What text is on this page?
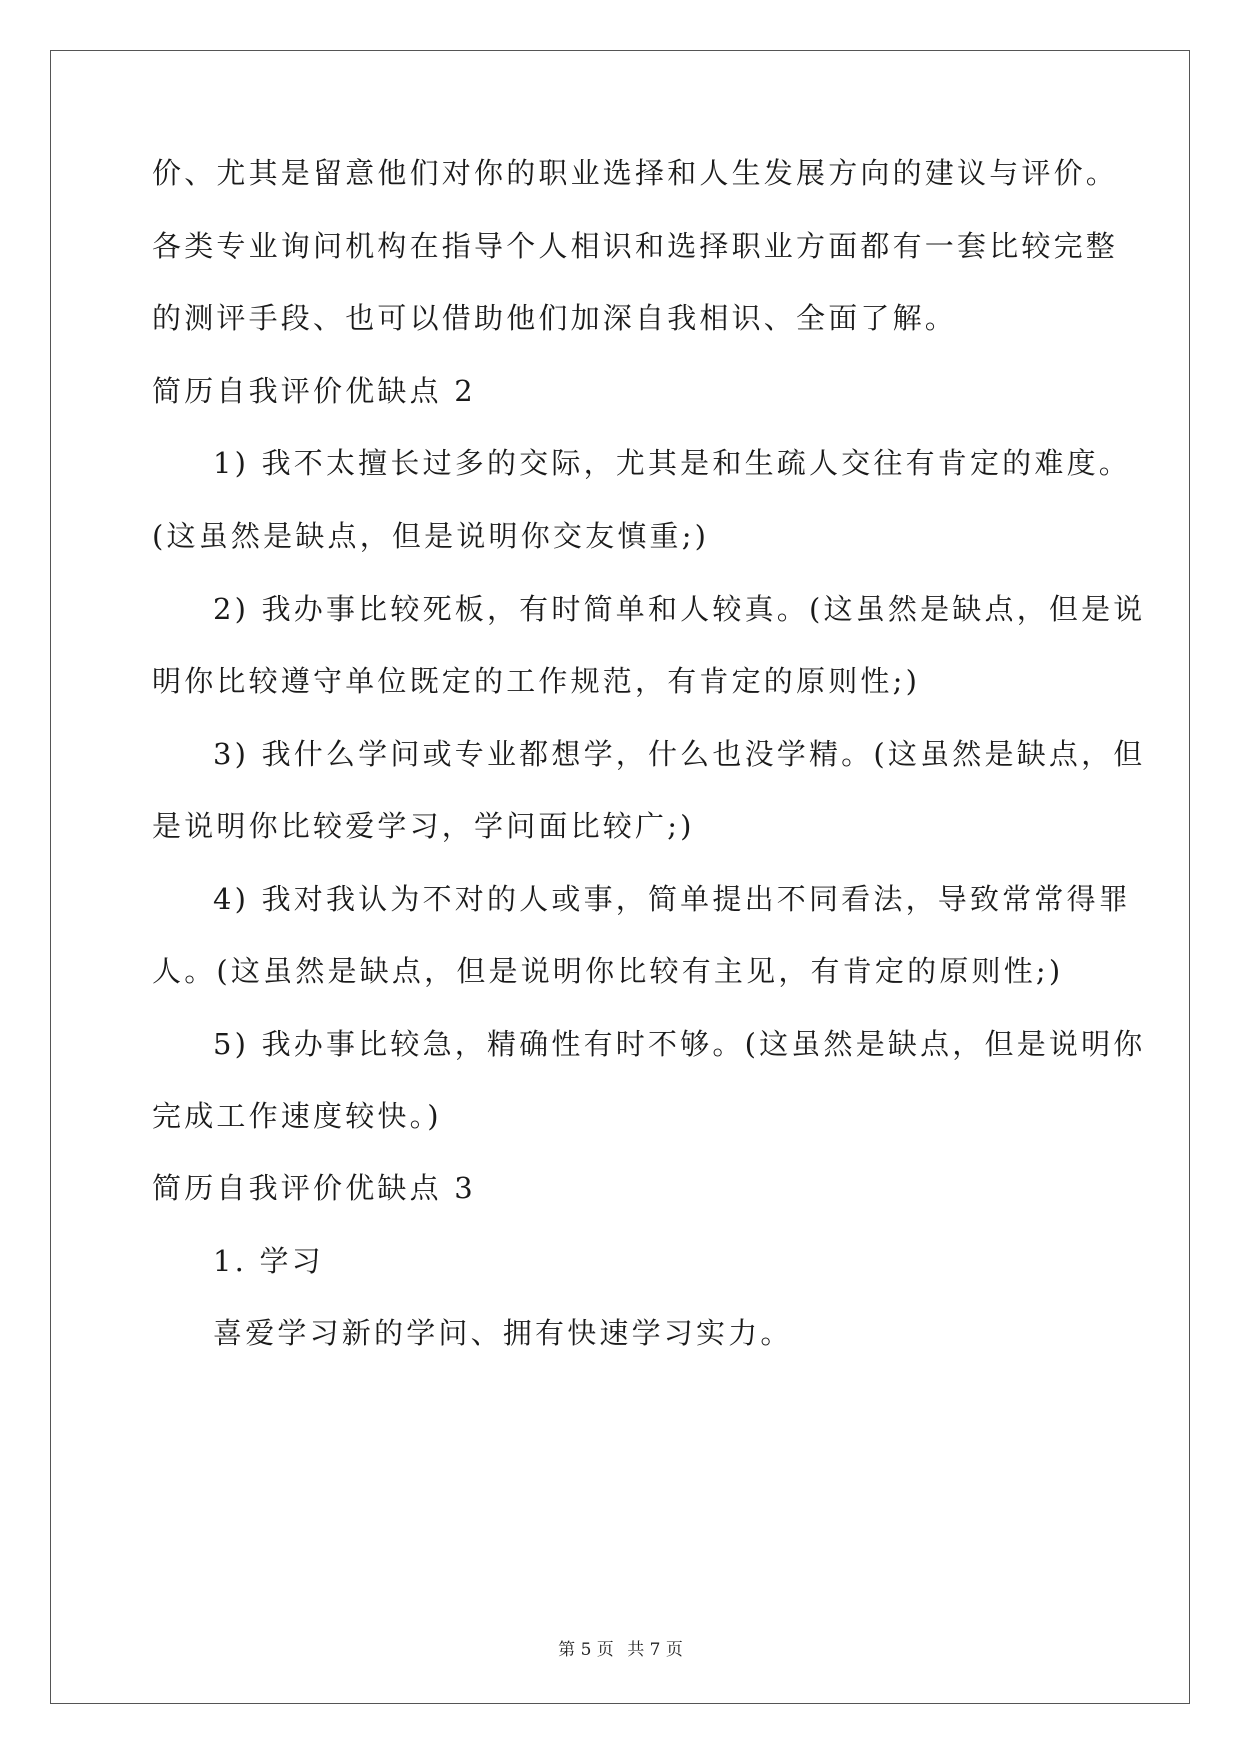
价、尤其是留意他们对你的职业选择和人生发展方向的建议与评价。
各类专业询问机构在指导个人相识和选择职业方面都有一套比较完整
的测评手段、也可以借助他们加深自我相识、全面了解。
简历自我评价优缺点 2
1) 我不太擅长过多的交际，尤其是和生疏人交往有肯定的难度。
(这虽然是缺点，但是说明你交友慎重;)
2) 我办事比较死板，有时简单和人较真。(这虽然是缺点，但是说
明你比较遵守单位既定的工作规范，有肯定的原则性;)
3) 我什么学问或专业都想学，什么也没学精。(这虽然是缺点，但
是说明你比较爱学习，学问面比较广;)
4) 我对我认为不对的人或事，简单提出不同看法，导致常常得罪
人。(这虽然是缺点，但是说明你比较有主见，有肯定的原则性;)
5) 我办事比较急，精确性有时不够。(这虽然是缺点，但是说明你
完成工作速度较快。)
简历自我评价优缺点 3
1. 学习
喜爱学习新的学问、拥有快速学习实力。
第 5 页 共 7 页
